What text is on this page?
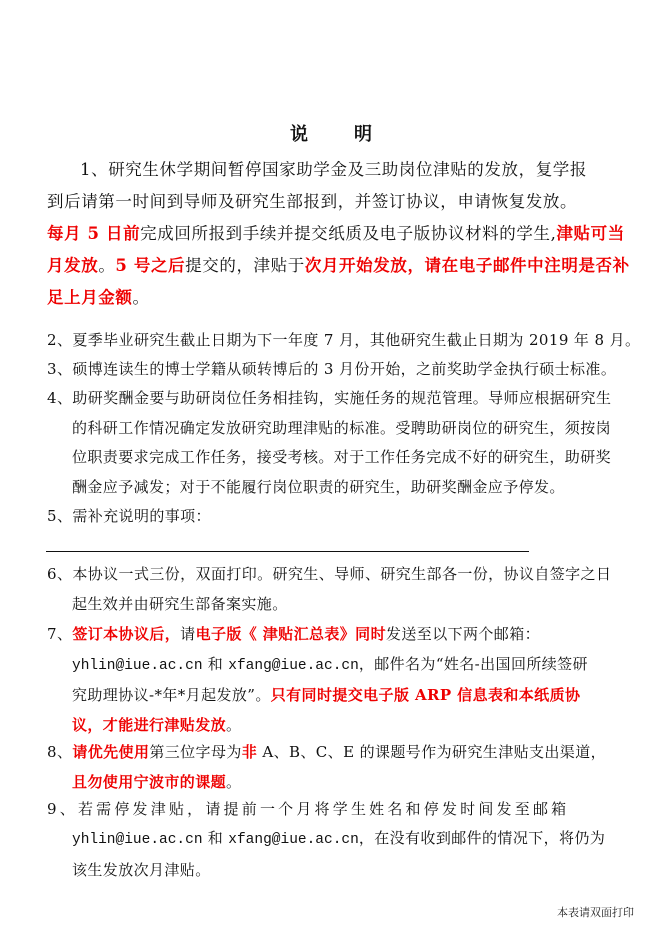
说	明
1、研究生休学期间暂停国家助学金及三助岗位津贴的发放，复学报
到后请第一时间到导师及研究生部报到，并签订协议，申请恢复发放。
每月 5 日前完成回所报到手续并提交纸质及电子版协议材料的学生,津贴可当
月发放。5 号之后提交的，津贴于次月开始发放，请在电子邮件中注明是否补
足上月金额。
2、夏季毕业研究生截止日期为下一年度 7 月，其他研究生截止日期为 2019 年 8 月。
3、硕博连读生的博士学籍从硕转博后的 3 月份开始，之前奖助学金执行硕士标准。
4、助研奖酬金要与助研岗位任务相挂钩，实施任务的规范管理。导师应根据研究生
的科研工作情况确定发放研究助理津贴的标准。受聘助研岗位的研究生，须按岗
位职责要求完成工作任务，接受考核。对于工作任务完成不好的研究生，助研奖
酬金应予减发；对于不能履行岗位职责的研究生，助研奖酬金应予停发。
5、需补充说明的事项：
6、本协议一式三份，双面打印。研究生、导师、研究生部各一份，协议自签字之日
起生效并由研究生部备案实施。
7、签订本协议后，请电子版《 津贴汇总表》同时发送至以下两个邮箱：
yhlin@iue.ac.cn 和 xfang@iue.ac.cn，邮件名为“姓名-出国回所续签研
究助理协议-*年*月起发放”。只有同时提交电子版 ARP 信息表和本纸质协
议，才能进行津贴发放。
8、请优先使用第三位字母为非 A、B、C、E 的课题号作为研究生津贴支出渠道，
且勿使用宁波市的课题。
9、若需停发津贴，请提前一个月将学生姓名和停发时间发至邮箱
yhlin@iue.ac.cn 和 xfang@iue.ac.cn，在没有收到邮件的情况下，将仍为
该生发放次月津贴。
本表请双面打印
